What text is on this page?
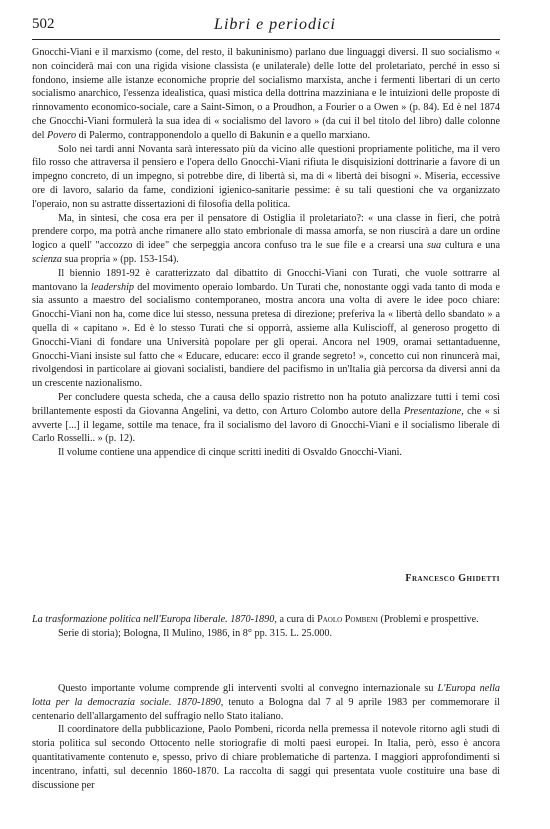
502	Libri e periodici

Gnocchi-Viani e il marxismo (come, del resto, il bakuninismo) parlano due linguaggi diversi. Il suo socialismo « non coinciderà mai con una rigida visione classista (e unilaterale) delle lotte del proletariato, perché in esso si fondono, insieme alle istanze economiche proprie del socialismo marxista, anche i fermenti libertari di un certo socialismo anarchico, l'essenza idealistica, quasi mistica della dottrina mazziniana e le intuizioni delle proposte di rinnovamento economico-sociale, care a Saint-Simon, o a Proudhon, a Fourier o a Owen » (p. 84). Ed è nel 1874 che Gnocchi-Viani formulerà la sua idea di « socialismo del lavoro » (da cui il bel titolo del libro) dalle colonne del Povero di Palermo, contrapponendolo a quello di Bakunin e a quello marxiano.

Solo nei tardi anni Novanta sarà interessato più da vicino alle questioni propriamente politiche, ma il vero filo rosso che attraversa il pensiero e l'opera dello Gnocchi-Viani rifiuta le disquisizioni dottrinarie a favore di un impegno concreto, di un impegno, si potrebbe dire, di libertà sì, ma di « libertà dei bisogni ». Miseria, eccessive ore di lavoro, salario da fame, condizioni igienico-sanitarie pessime: è su tali questioni che va organizzato l'operaio, non su astratte dissertazioni di filosofia della politica.

Ma, in sintesi, che cosa era per il pensatore di Ostiglia il proletariato?: « una classe in fieri, che potrà prendere corpo, ma potrà anche rimanere allo stato embrionale di massa amorfa, se non riuscirà a dare un ordine logico a quell' "accozzo di idee" che serpeggia ancora confuso tra le sue file e a crearsi una sua cultura e una scienza sua propria » (pp. 153-154).

Il biennio 1891-92 è caratterizzato dal dibattito di Gnocchi-Viani con Turati, che vuole sottrarre al mantovano la leadership del movimento operaio lombardo. Un Turati che, nonostante oggi vada tanto di moda e sia assunto a maestro del socialismo contemporaneo, mostra ancora una volta di avere le idee poco chiare: Gnocchi-Viani non ha, come dice lui stesso, nessuna pretesa di direzione; preferiva la « libertà dello sbandato » a quella di « capitano ». Ed è lo stesso Turati che si opporrà, assieme alla Kuliscioff, al generoso progetto di Gnocchi-Viani di fondare una Università popolare per gli operai. Ancora nel 1909, oramai settantaduenne, Gnocchi-Viani insiste sul fatto che « Educare, educare: ecco il grande segreto! », concetto cui non rinuncerà mai, rivolgendosi in particolare ai giovani socialisti, bandiere del pacifismo in un'Italia già percorsa da diversi anni da un crescente nazionalismo.

Per concludere questa scheda, che a causa dello spazio ristretto non ha potuto analizzare tutti i temi così brillantemente esposti da Giovanna Angelini, va detto, con Arturo Colombo autore della Presentazione, che « si avverte [...] il legame, sottile ma tenace, fra il socialismo del lavoro di Gnocchi-Viani e il socialismo liberale di Carlo Rosselli.. » (p. 12).

Il volume contiene una appendice di cinque scritti inediti di Osvaldo Gnocchi-Viani.

Francesco Ghidetti

La trasformazione politica nell'Europa liberale. 1870-1890, a cura di Paolo Pombeni (Problemi e prospettive. Serie di storia); Bologna, Il Mulino, 1986, in 8° pp. 315. L. 25.000.

Questo importante volume comprende gli interventi svolti al convegno internazionale su L'Europa nella lotta per la democrazia sociale. 1870-1890, tenuto a Bologna dal 7 al 9 aprile 1983 per commemorare il centenario dell'allargamento del suffragio nello Stato italiano.

Il coordinatore della pubblicazione, Paolo Pombeni, ricorda nella premessa il notevole ritorno agli studi di storia politica sul secondo Ottocento nelle storiografie di molti paesi europei. In Italia, però, esso è ancora quantitativamente contenuto e, spesso, privo di chiare problematiche di partenza. I maggiori approfondimenti si incentrano, infatti, sul decennio 1860-1870. La raccolta di saggi qui presentata vuole costituire una base di discussione per
